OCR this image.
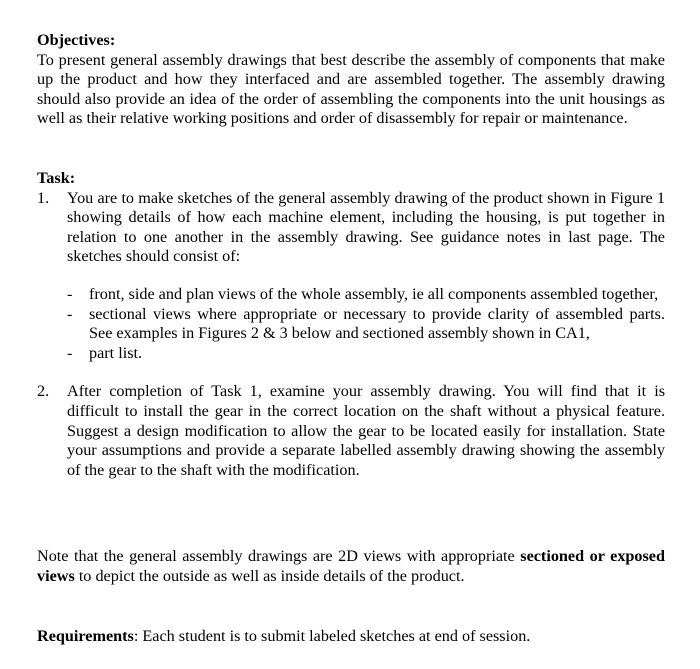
Objectives:
To present general assembly drawings that best describe the assembly of components that make up the product and how they interfaced and are assembled together. The assembly drawing should also provide an idea of the order of assembling the components into the unit housings as well as their relative working positions and order of disassembly for repair or maintenance.
Task:
1. You are to make sketches of the general assembly drawing of the product shown in Figure 1 showing details of how each machine element, including the housing, is put together in relation to one another in the assembly drawing. See guidance notes in last page. The sketches should consist of:
- front, side and plan views of the whole assembly, ie all components assembled together,
- sectional views where appropriate or necessary to provide clarity of assembled parts. See examples in Figures 2 & 3 below and sectioned assembly shown in CA1,
- part list.
2. After completion of Task 1, examine your assembly drawing. You will find that it is difficult to install the gear in the correct location on the shaft without a physical feature. Suggest a design modification to allow the gear to be located easily for installation. State your assumptions and provide a separate labelled assembly drawing showing the assembly of the gear to the shaft with the modification.
Note that the general assembly drawings are 2D views with appropriate sectioned or exposed views to depict the outside as well as inside details of the product.
Requirements: Each student is to submit labeled sketches at end of session.
